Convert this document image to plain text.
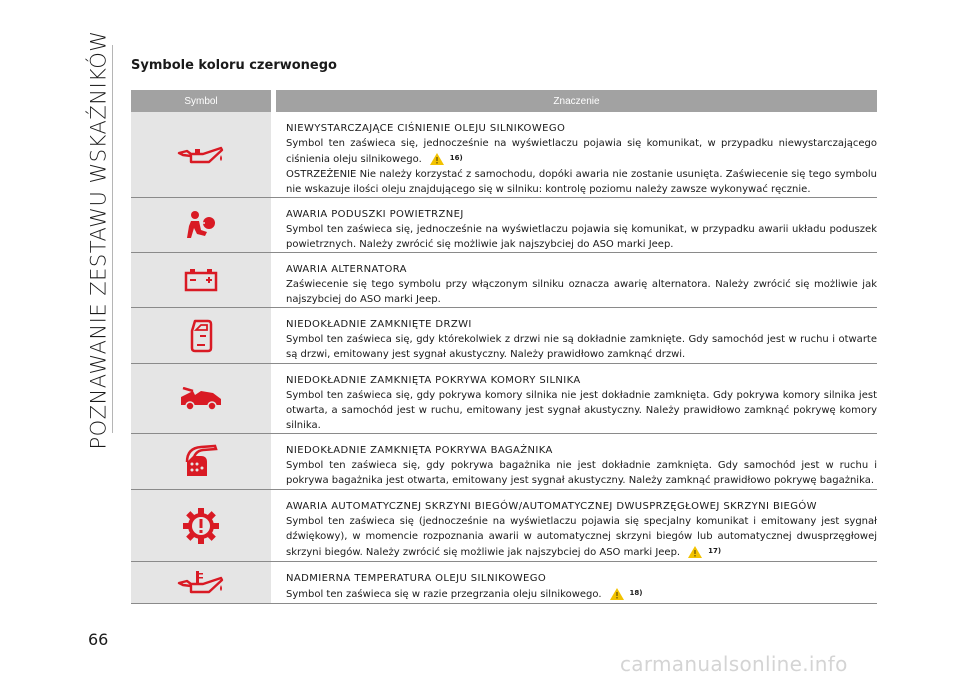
POZNAWANIE ZESTAWU WSKAŹNIKÓW Symbole koloru czerwonego
Symbol	Znaczenie

NIEWYSTARCZAJĄCE CIŚNIENIE OLEJU SILNIKOWEGO

Symbol ten zaświeca się, jednocześnie na wyświetlaczu pojawia się komunikat, w przypadku niewystarczającego ciśnienia oleju silnikowego.	$^{16)}$

OSTRZEŻENIE Nie należy korzystać z samochodu, dopóki awaria nie zostanie usunięta. Zaświecenie się tego symbolu nie wskazuje ilości oleju znajdującego się w silniku: kontrolę poziomu należy zawsze wykonywać ręcznie.

AWARIA PODUSZKI POWIETRZNEJ

Symbol ten zaświeca się, jednocześnie na wyświetlaczu pojawia się komunikat, w przypadku awarii układu poduszek powietrznych. Należy zwrócić się możliwie jak najszybciej do ASO marki Jeep.

AWARIA ALTERNATORA

Zaświecenie się tego symbolu przy włączonym silniku oznacza awarię alternatora. Należy zwrócić się możliwie jak najszybciej do ASO marki Jeep.

NIEDOKŁADNIE ZAMKNIĘTE DRZWI

Symbol ten zaświeca się, gdy którekolwiek z drzwi nie są dokładnie zamknięte. Gdy samochód jest w ruchu i otwarte są drzwi, emitowany jest sygnał akustyczny. Należy prawidłowo zamknąć drzwi.

NIEDOKŁADNIE ZAMKNIĘTA POKRYWA KOMORY SILNIKA

Symbol ten zaświeca się, gdy pokrywa komory silnika nie jest dokładnie zamknięta. Gdy pokrywa komory silnika jest otwarta, a samochód jest w ruchu, emitowany jest sygnał akustyczny. Należy prawidłowo zamknąć pokrywę komory silnika.

NIEDOKŁADNIE ZAMKNIĘTA POKRYWA BAGAŻNIKA

Symbol ten zaświeca się, gdy pokrywa bagażnika nie jest dokładnie zamknięta. Gdy samochód jest w ruchu i pokrywa bagażnika jest otwarta, emitowany jest sygnał akustyczny. Należy zamknąć prawidłowo pokrywę bagażnika.

AWARIA AUTOMATYCZNEJ SKRZYNI BIEGÓW/AUTOMATYCZNEJ DWUSPRZĘGŁOWEJ SKRZYNI BIEGÓW

Symbol ten zaświeca się (jednocześnie na wyświetlaczu pojawia się specjalny komunikat i emitowany jest sygnał dźwiękowy), w momencie rozpoznania awarii w automatycznej skrzyni biegów lub automatycznej dwusprzęgłowej skrzyni biegów. Należy zwrócić się możliwie jak najszybciej do ASO marki Jeep.	$^{17)}$

NADMIERNA TEMPERATURA OLEJU SILNIKOWEGO

Symbol ten zaświeca się w razie przegrzania oleju silnikowego.	$^{18)}$

66
carmanualsonline.info
